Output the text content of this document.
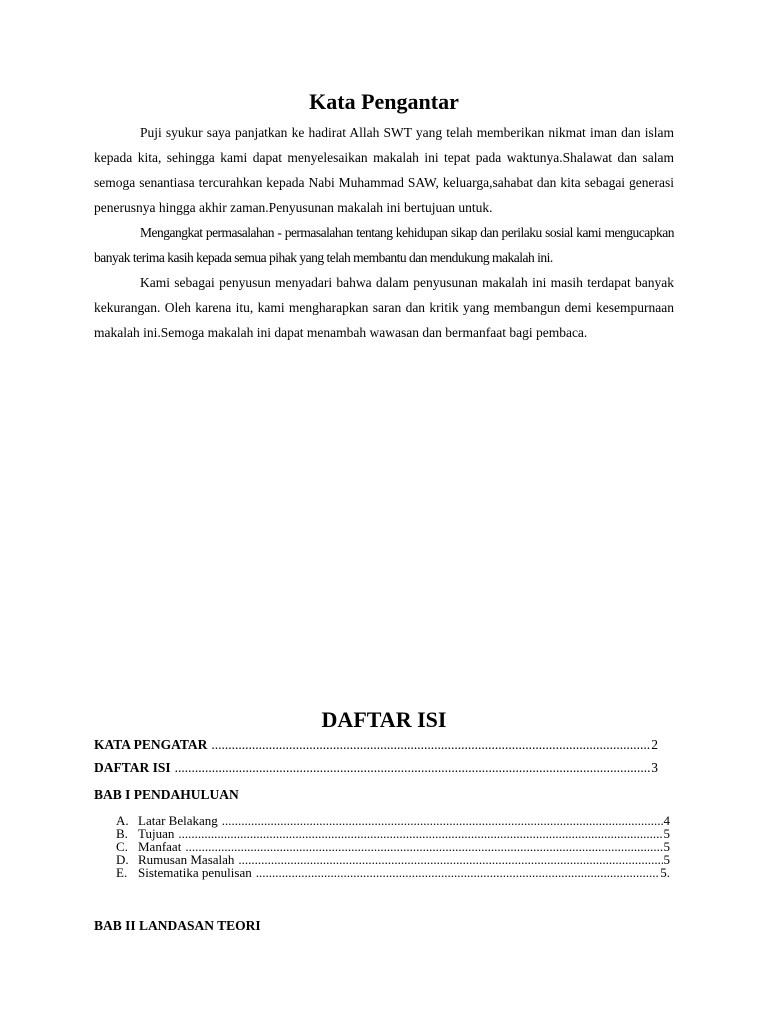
Kata Pengantar

Puji syukur saya panjatkan ke hadirat Allah SWT yang telah memberikan nikmat iman dan islam kepada kita, sehingga kami dapat menyelesaikan makalah ini tepat pada waktunya.Shalawat dan salam semoga senantiasa tercurahkan kepada Nabi Muhammad SAW, keluarga,sahabat dan kita sebagai generasi penerusnya hingga akhir zaman.Penyusunan makalah ini bertujuan untuk.

Mengangkat permasalahan - permasalahan tentang kehidupan sikap dan perilaku sosial kami mengucapkan banyak terima kasih kepada semua pihak yang telah membantu dan mendukung makalah ini.

Kami sebagai penyusun menyadari bahwa dalam penyusunan makalah ini masih terdapat banyak kekurangan. Oleh karena itu, kami mengharapkan saran dan kritik yang membangun demi kesempurnaan makalah ini.Semoga makalah ini dapat menambah wawasan dan bermanfaat bagi pembaca.

DAFTAR ISI
KATA PENGATAR .....	2
DAFTAR ISI .....	3
BAB I PENDAHULUAN
A. Latar Belakang .....	4
B. Tujuan .....	5
C. Manfaat .....	5
D. Rumusan Masalah .....	5
E. Sistematika penulisan .....	5.
BAB II LANDASAN TEORI
